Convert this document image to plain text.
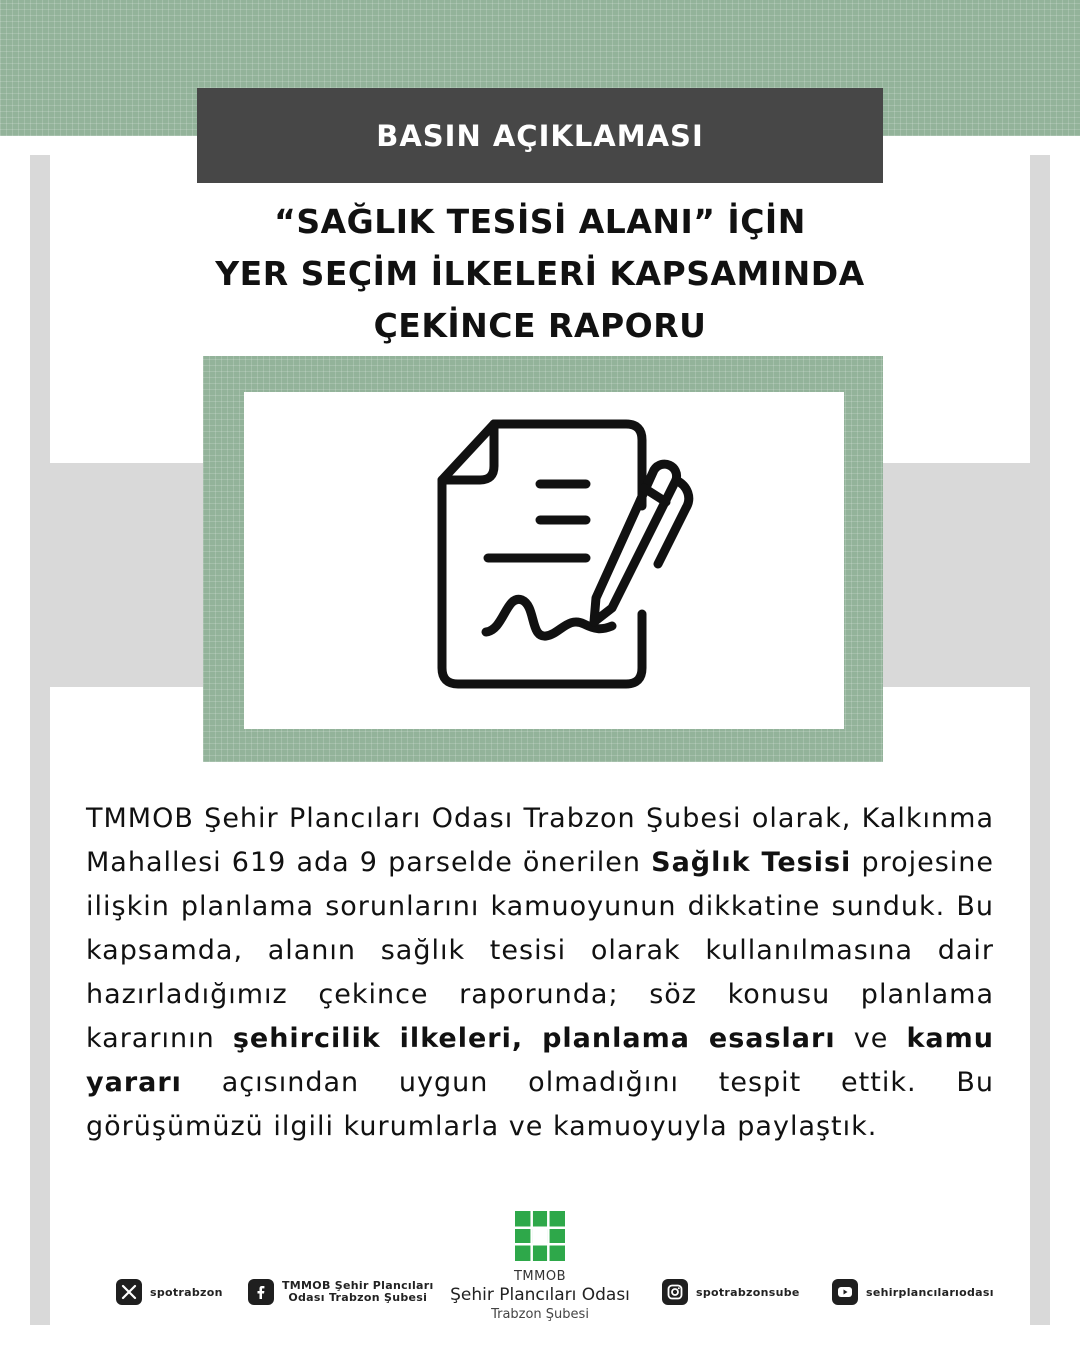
BASIN AÇIKLAMASI
“SAĞLIK TESİSİ ALANI” İÇİN
YER SEÇİM İLKELERİ KAPSAMINDA
ÇEKİNCE RAPORU
TMMOB Şehir Plancıları Odası Trabzon Şubesi olarak, Kalkınma Mahallesi 619 ada 9 parselde önerilen Sağlık Tesisi projesine ilişkin planlama sorunlarını kamuoyunun dikkatine sunduk. Bu kapsamda, alanın sağlık tesisi olarak kullanılmasına dair hazırladığımız çekince raporunda; söz konusu planlama kararının şehircilik ilkeleri, planlama esasları ve kamu yararı açısından uygun olmadığını tespit ettik. Bu görüşümüzü ilgili kurumlarla ve kamuoyuyla paylaştık.
spotrabzon	TMMOB Şehir Plancıları
Odası Trabzon Şubesi
TMMOB
Şehir Plancıları Odası
Trabzon Şubesi
spotrabzonsube	sehirplancılarıodası
